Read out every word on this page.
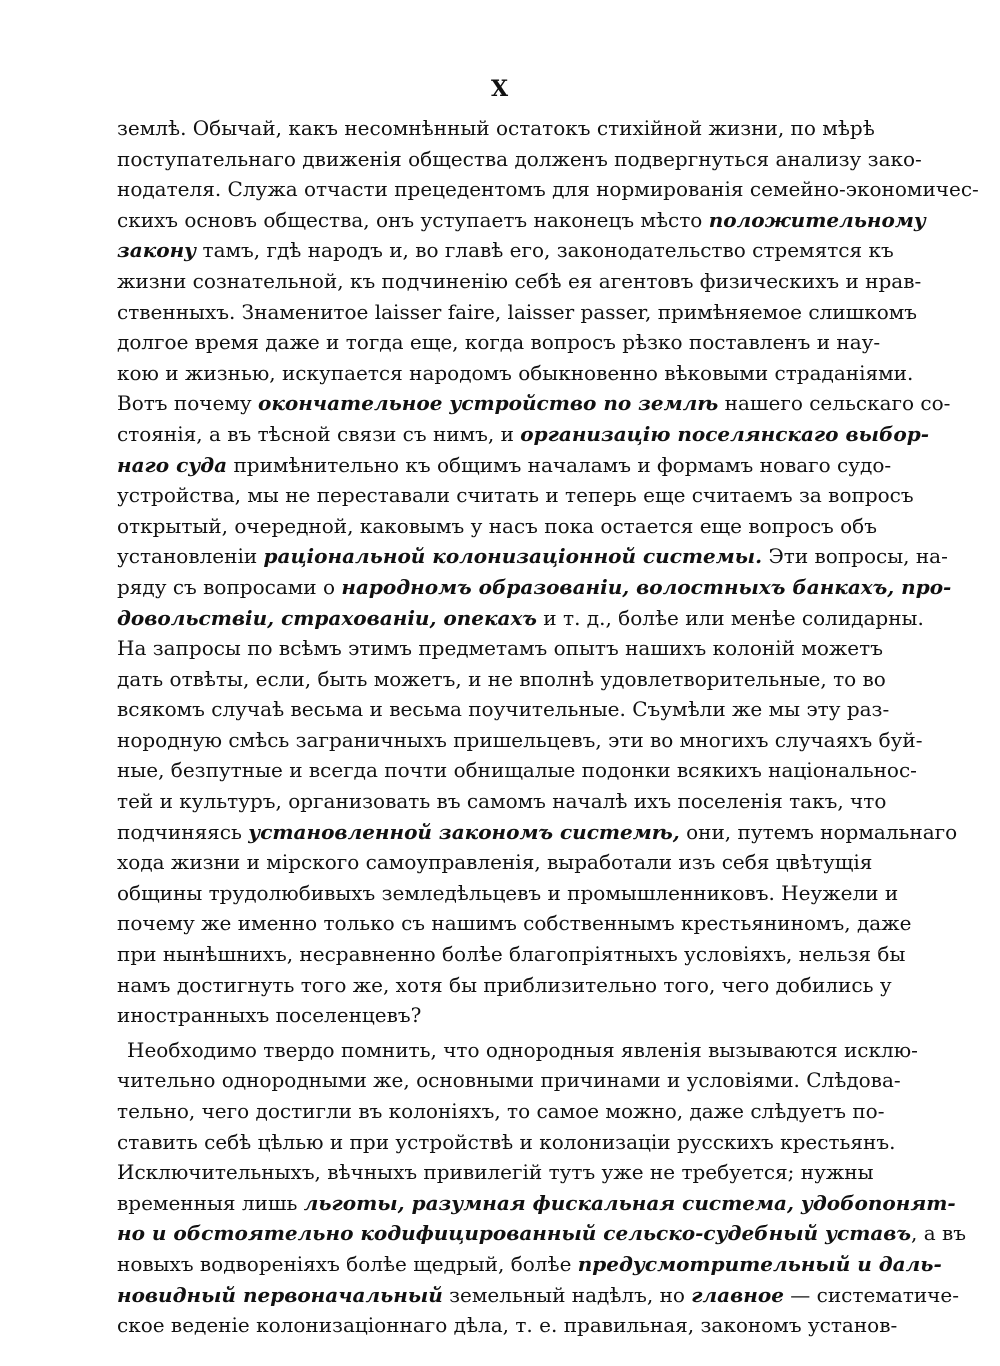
X
землѣ. Обычай, какъ несомнѣнный остатокъ стихійной жизни, по мѣрѣ
поступательнаго движенія общества долженъ подвергнуться анализу зако-
нодателя. Служа отчасти прецедентомъ для нормированія семейно-экономичес-
скихъ основъ общества, онъ уступаетъ наконецъ мѣсто положительному
закону тамъ, гдѣ народъ и, во главѣ его, законодательство стремятся къ
жизни сознательной, къ подчиненію себѣ ея агентовъ физическихъ и нрав-
ственныхъ. Знаменитое laisser faire, laisser passer, примѣняемое слишкомъ
долгое время даже и тогда еще, когда вопросъ рѣзко поставленъ и нау-
кою и жизнью, искупается народомъ обыкновенно вѣковыми страданіями.
Вотъ почему окончательное устройство по землѣ нашего сельскаго со-
стоянія, а въ тѣсной связи съ нимъ, и организацію поселянскаго выбор-
наго суда примѣнительно къ общимъ началамъ и формамъ новаго судо-
устройства, мы не переставали считать и теперь еще считаемъ за вопросъ
открытый, очередной, каковымъ у насъ пока остается еще вопросъ объ
установленіи раціональной колонизаціонной системы. Эти вопросы, на-
ряду съ вопросами о народномъ образованіи, волостныхъ банкахъ, про-
довольствіи, страхованіи, опекахъ и т. д., болѣе или менѣе солидарны.
На запросы по всѣмъ этимъ предметамъ опытъ нашихъ колоній можетъ
дать отвѣты, если, быть можетъ, и не вполнѣ удовлетворительные, то во
всякомъ случаѣ весьма и весьма поучительные. Съумѣли же мы эту раз-
нородную смѣсь заграничныхъ пришельцевъ, эти во многихъ случаяхъ буй-
ные, безпутные и всегда почти обнищалые подонки всякихъ національнос-
тей и культуръ, организовать въ самомъ началѣ ихъ поселенія такъ, что
подчиняясь установленной закономъ системѣ, они, путемъ нормальнаго
хода жизни и мірского самоуправленія, выработали изъ себя цвѣтущія
общины трудолюбивыхъ земледѣльцевъ и промышленниковъ. Неужели и
почему же именно только съ нашимъ собственнымъ крестьяниномъ, даже
при нынѣшнихъ, несравненно болѣе благопріятныхъ условіяхъ, нельзя бы
намъ достигнуть того же, хотя бы приблизительно того, чего добились у
иностранныхъ поселенцевъ?
Необходимо твердо помнить, что однородныя явленія вызываются исклю-
чительно однородными же, основными причинами и условіями. Слѣдова-
тельно, чего достигли въ колоніяхъ, то самое можно, даже слѣдуетъ по-
ставить себѣ цѣлью и при устройствѣ и колонизаціи русскихъ крестьянъ.
Исключительныхъ, вѣчныхъ привилегій тутъ уже не требуется; нужны
временныя лишь льготы, разумная фискальная система, удобопонят-
но и обстоятельно кодифицированный сельско-судебный уставъ, а въ
новыхъ водвореніяхъ болѣе щедрый, болѣе предусмотрительный и даль-
новидный первоначальный земельный надѣлъ, но главное — систематиче-
ское веденіе колонизаціоннаго дѣла, т. е. правильная, закономъ установ-
